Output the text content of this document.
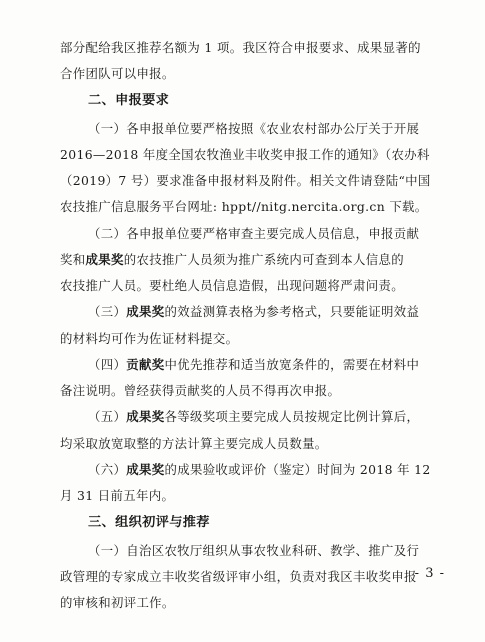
部分配给我区推荐名额为 1 项。我区符合申报要求、成果显著的
合作团队可以申报。
二、申报要求
（一）各申报单位要严格按照《农业农村部办公厅关于开展
2016—2018 年度全国农牧渔业丰收奖申报工作的通知》（农办科
（2019）7 号）要求准备申报材料及附件。相关文件请登陆“中国
农技推广信息服务平台网址: hppt//nitg.nercita.org.cn 下载。
（二）各申报单位要严格审查主要完成人员信息，申报贡献
奖和成果奖的农技推广人员须为推广系统内可查到本人信息的
农技推广人员。要杜绝人员信息造假，出现问题将严肃问责。
（三）成果奖的效益测算表格为参考格式，只要能证明效益
的材料均可作为佐证材料提交。
（四）贡献奖中优先推荐和适当放宽条件的，需要在材料中
备注说明。曾经获得贡献奖的人员不得再次申报。
（五）成果奖各等级奖项主要完成人员按规定比例计算后，
均采取放宽取整的方法计算主要完成人员数量。
（六）成果奖的成果验收或评价（鉴定）时间为 2018 年 12
月 31 日前五年内。
三、组织初评与推荐
（一）自治区农牧厅组织从事农牧业科研、教学、推广及行
政管理的专家成立丰收奖省级评审小组，负责对我区丰收奖申报
的审核和初评工作。
- 3 -
